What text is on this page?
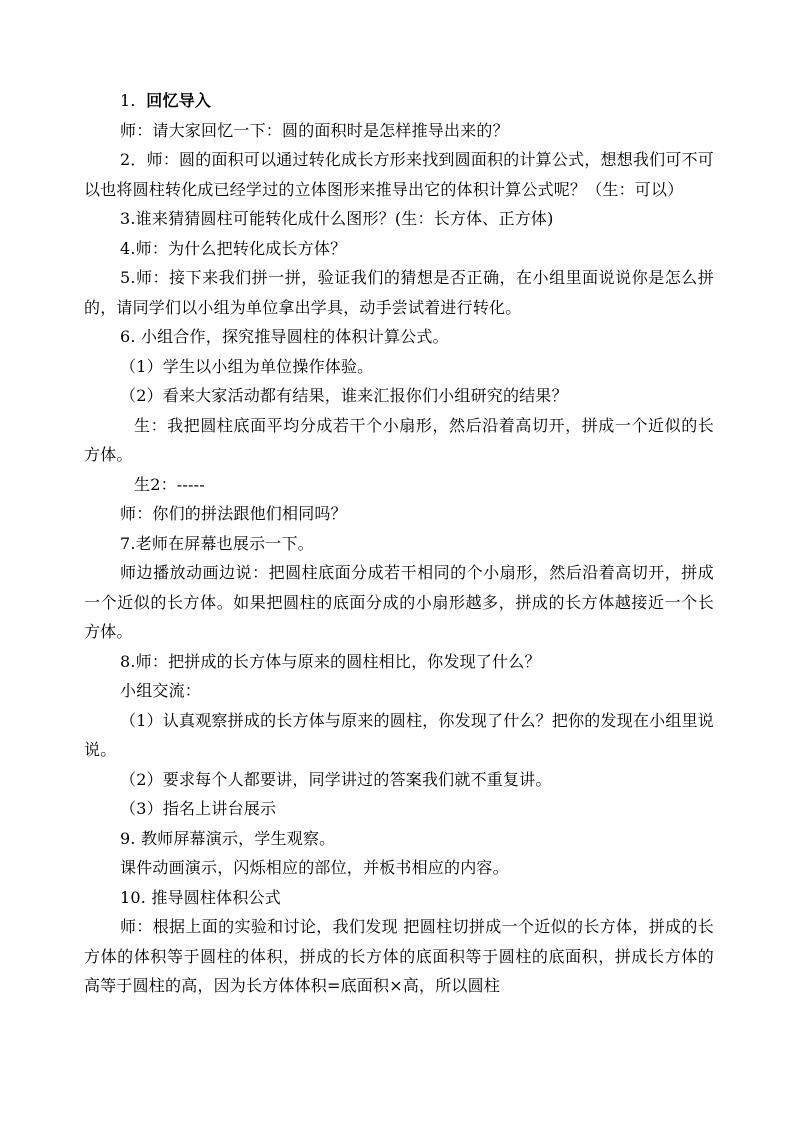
1. 回忆导入

师：请大家回忆一下：圆的面积时是怎样推导出来的？

2．师：圆的面积可以通过转化成长方形来找到圆面积的计算公式，想想我们可不可以也将圆柱转化成已经学过的立体图形来推导出它的体积计算公式呢？（生：可以）

3.谁来猜猜圆柱可能转化成什么图形？(生：长方体、正方体)

4.师：为什么把转化成长方体？

5.师：接下来我们拼一拼，验证我们的猜想是否正确，在小组里面说说你是怎么拼的，请同学们以小组为单位拿出学具，动手尝试着进行转化。

6. 小组合作，探究推导圆柱的体积计算公式。

（1）学生以小组为单位操作体验。

（2）看来大家活动都有结果，谁来汇报你们小组研究的结果？

生：我把圆柱底面平均分成若干个小扇形，然后沿着高切开，拼成一个近似的长方体。

生2：-----

师：你们的拼法跟他们相同吗？

7.老师在屏幕也展示一下。

师边播放动画边说：把圆柱底面分成若干相同的个小扇形，然后沿着高切开，拼成一个近似的长方体。如果把圆柱的底面分成的小扇形越多，拼成的长方体越接近一个长方体。

8.师：把拼成的长方体与原来的圆柱相比，你发现了什么？

小组交流：

（1）认真观察拼成的长方体与原来的圆柱，你发现了什么？把你的发现在小组里说说。

（2）要求每个人都要讲，同学讲过的答案我们就不重复讲。

（3）指名上讲台展示

9. 教师屏幕演示，学生观察。

课件动画演示，闪烁相应的部位，并板书相应的内容。

10. 推导圆柱体积公式

师：根据上面的实验和讨论，我们发现 把圆柱切拼成一个近似的长方体，拼成的长方体的体积等于圆柱的体积，拼成的长方体的底面积等于圆柱的底面积，拼成长方体的高等于圆柱的高，因为长方体体积=底面积×高，所以圆柱
